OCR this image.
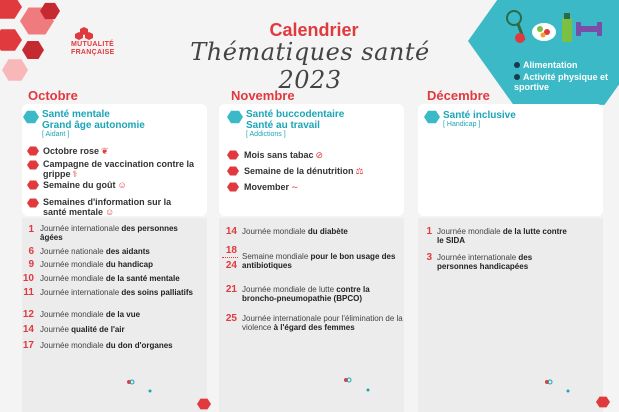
MUTUALITÉ
FRANÇAISE
Calendrier
Thématiques santé 2023
Alimentation
Activité physique et sportive
Octobre
Santé mentale
Grand âge autonomie
[ Aidant ]
Octobre rose ❦
Campagne de vaccination contre la grippe ⚕
Semaine du goût ☺
Semaines d'information sur la santé mentale ☺
1 Journée internationale des personnes âgées
6 Journée nationale des aidants
9 Journée mondiale du handicap
10 Journée mondiale de la santé mentale
11 Journée internationale des soins palliatifs
12 Journée mondiale de la vue
14 Journée qualité de l'air
17 Journée mondiale du don d'organes
Novembre
Santé buccodentaire
Santé au travail
[ Addictions ]
Mois sans tabac ⊘
Semaine de la dénutrition ⚖
Movember ∼
14 Journée mondiale du diabète
18
24
Semaine mondiale pour le bon usage des antibiotiques
21 Journée mondiale de lutte contre la broncho-pneumopathie (BPCO)
25 Journée internationale pour l'élimination de la violence à l'égard des femmes
Décembre
Santé inclusive
[ Handicap ]
1 Journée mondiale de la lutte contre le SIDA
3 Journée internationale des personnes handicapées
